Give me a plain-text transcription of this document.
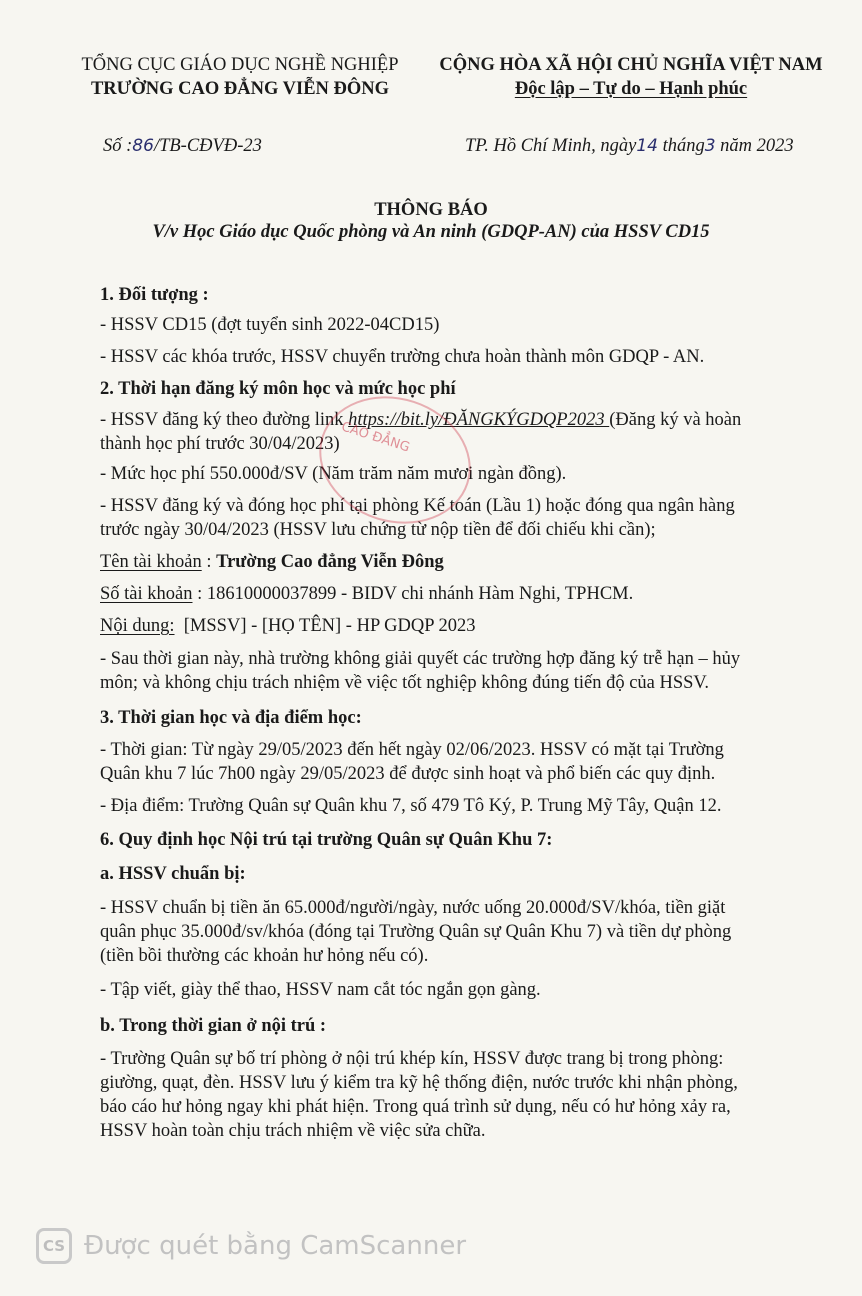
TỔNG CỤC GIÁO DỤC NGHỀ NGHIỆP
TRƯỜNG CAO ĐẲNG VIỄN ĐÔNG
CỘNG HÒA XÃ HỘI CHỦ NGHĨA VIỆT NAM
Độc lập – Tự do – Hạnh phúc
Số :86/TB-CĐVĐ-23	TP. Hồ Chí Minh, ngày14 tháng3 năm 2023
THÔNG BÁO
V/v Học Giáo dục Quốc phòng và An ninh (GDQP-AN) của HSSV CD15
1. Đối tượng :
- HSSV CD15 (đợt tuyển sinh 2022-04CD15)
- HSSV các khóa trước, HSSV chuyển trường chưa hoàn thành môn GDQP - AN.
2. Thời hạn đăng ký môn học và mức học phí
- HSSV đăng ký theo đường link https://bit.ly/ĐĂNGKÝGDQP2023 (Đăng ký và hoàn
thành học phí trước 30/04/2023)
- Mức học phí 550.000đ/SV (Năm trăm năm mươi ngàn đồng).
- HSSV đăng ký và đóng học phí tại phòng Kế toán (Lầu 1) hoặc đóng qua ngân hàng
trước ngày 30/04/2023 (HSSV lưu chứng từ nộp tiền để đối chiếu khi cần);
Tên tài khoản : Trường Cao đẳng Viễn Đông
Số tài khoản : 18610000037899 - BIDV chi nhánh Hàm Nghi, TPHCM.
Nội dung: [MSSV] - [HỌ TÊN] - HP GDQP 2023
- Sau thời gian này, nhà trường không giải quyết các trường hợp đăng ký trễ hạn – hủy
môn; và không chịu trách nhiệm về việc tốt nghiệp không đúng tiến độ của HSSV.
3. Thời gian học và địa điểm học:
- Thời gian: Từ ngày 29/05/2023 đến hết ngày 02/06/2023. HSSV có mặt tại Trường
Quân khu 7 lúc 7h00 ngày 29/05/2023 để được sinh hoạt và phổ biến các quy định.
- Địa điểm: Trường Quân sự Quân khu 7, số 479 Tô Ký, P. Trung Mỹ Tây, Quận 12.
6. Quy định học Nội trú tại trường Quân sự Quân Khu 7:
a. HSSV chuẩn bị:
- HSSV chuẩn bị tiền ăn 65.000đ/người/ngày, nước uống 20.000đ/SV/khóa, tiền giặt
quân phục 35.000đ/sv/khóa (đóng tại Trường Quân sự Quân Khu 7) và tiền dự phòng
(tiền bồi thường các khoản hư hỏng nếu có).
- Tập viết, giày thể thao, HSSV nam cắt tóc ngắn gọn gàng.
b. Trong thời gian ở nội trú :
- Trường Quân sự bố trí phòng ở nội trú khép kín, HSSV được trang bị trong phòng:
giường, quạt, đèn. HSSV lưu ý kiểm tra kỹ hệ thống điện, nước trước khi nhận phòng,
báo cáo hư hỏng ngay khi phát hiện. Trong quá trình sử dụng, nếu có hư hỏng xảy ra,
HSSV hoàn toàn chịu trách nhiệm về việc sửa chữa.
CAO ĐẲNG
CS Được quét bằng CamScanner
